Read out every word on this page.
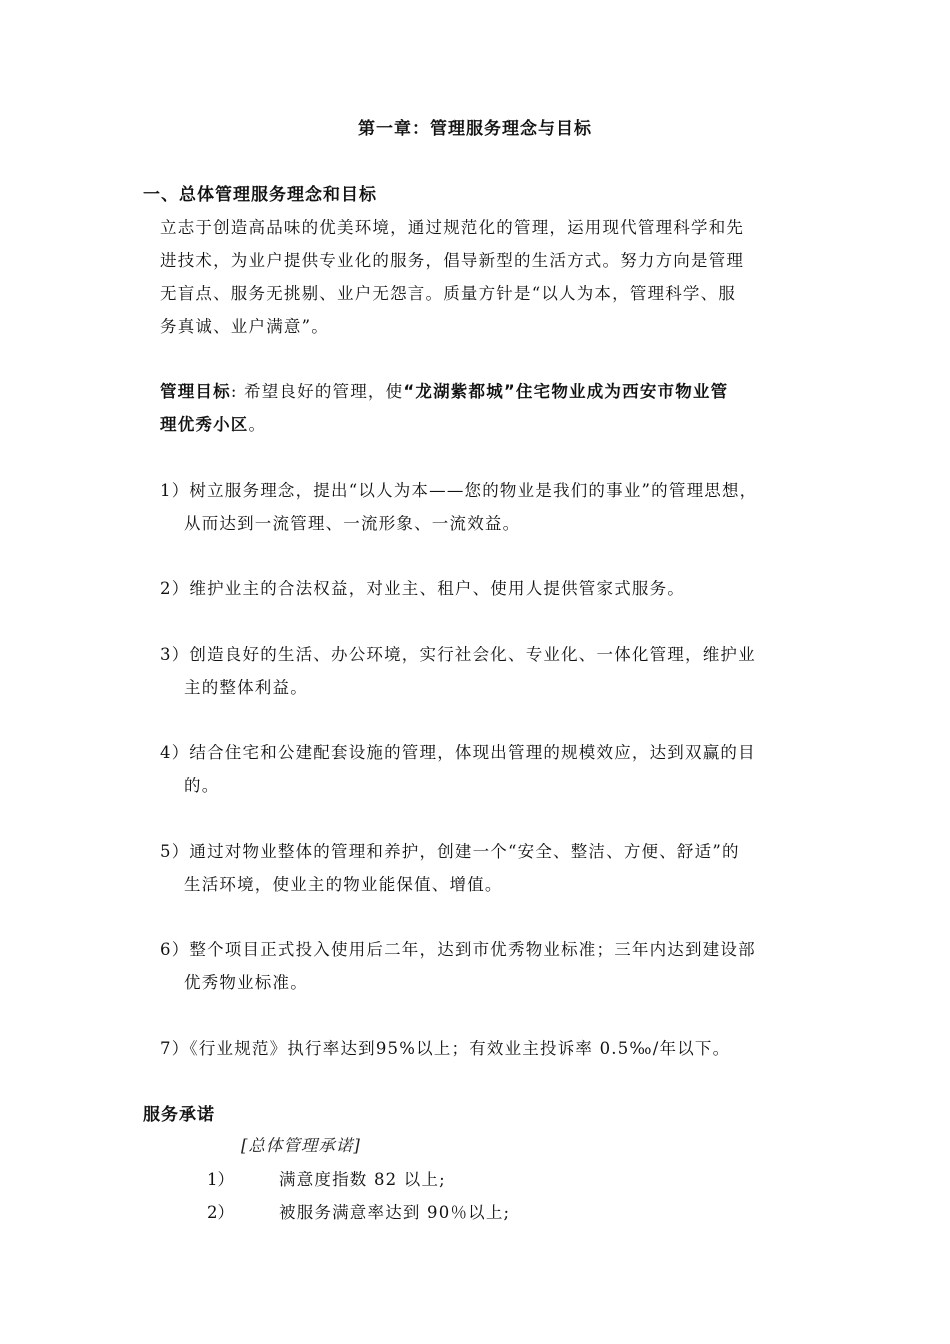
第一章：管理服务理念与目标
一、总体管理服务理念和目标
立志于创造高品味的优美环境，通过规范化的管理，运用现代管理科学和先
进技术，为业户提供专业化的服务，倡导新型的生活方式。努力方向是管理
无盲点、服务无挑剔、业户无怨言。质量方针是“以人为本，管理科学、服
务真诚、业户满意”。
管理目标: 希望良好的管理，使“龙湖紫都城”住宅物业成为西安市物业管
理优秀小区。
1）树立服务理念，提出“以人为本——您的物业是我们的事业”的管理思想，
从而达到一流管理、一流形象、一流效益。
2）维护业主的合法权益，对业主、租户、使用人提供管家式服务。
3）创造良好的生活、办公环境，实行社会化、专业化、一体化管理，维护业
主的整体利益。
4）结合住宅和公建配套设施的管理，体现出管理的规模效应，达到双赢的目
的。
5）通过对物业整体的管理和养护，创建一个“安全、整洁、方便、舒适”的
生活环境，使业主的物业能保值、增值。
6）整个项目正式投入使用后二年，达到市优秀物业标准；三年内达到建设部
优秀物业标准。
7）《行业规范》执行率达到95%以上；有效业主投诉率 0.5‰/年以下。
服务承诺
[总体管理承诺]
1）	满意度指数 82 以上;
2）	被服务满意率达到 90％以上;
